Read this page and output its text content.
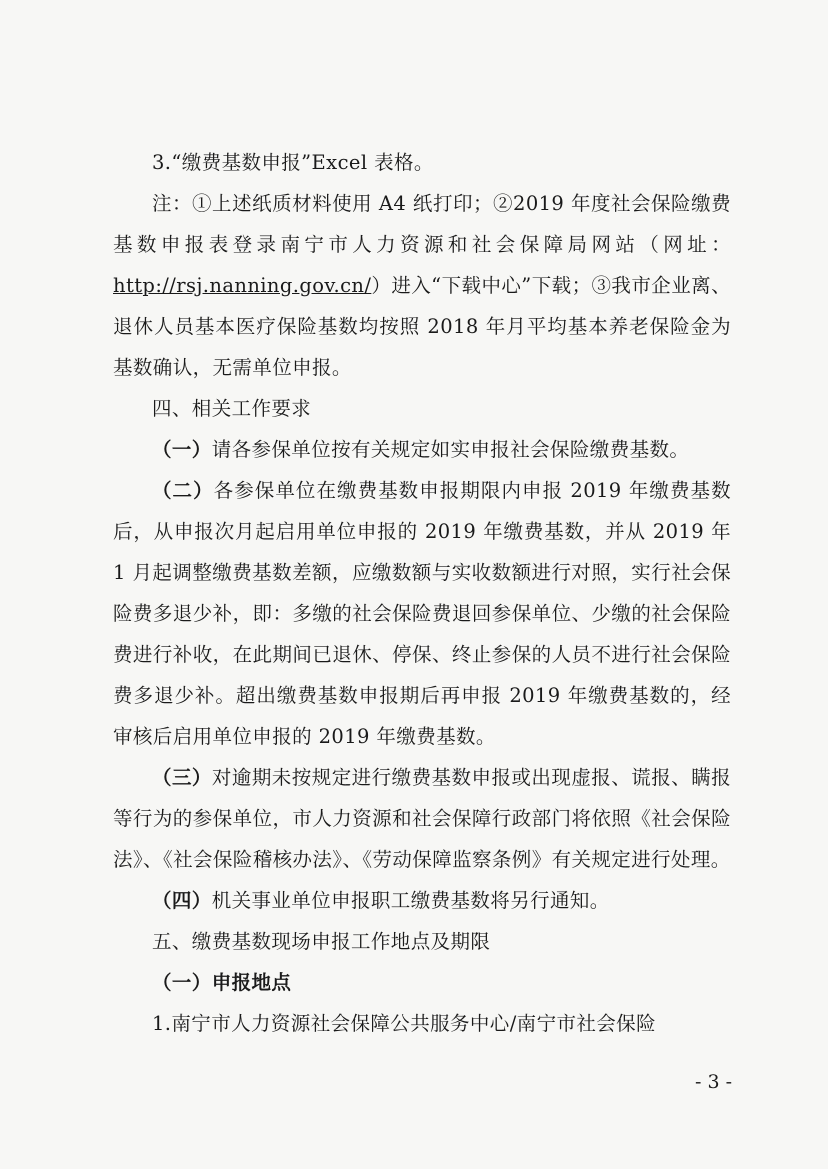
3.“缴费基数申报”Excel 表格。

注：①上述纸质材料使用 A4 纸打印；②2019 年度社会保险缴费基数申报表登录南宁市人力资源和社会保障局网站（网址：http://rsj.nanning.gov.cn/）进入“下载中心”下载；③我市企业离、退休人员基本医疗保险基数均按照 2018 年月平均基本养老保险金为基数确认，无需单位申报。

四、相关工作要求

（一）请各参保单位按有关规定如实申报社会保险缴费基数。

（二）各参保单位在缴费基数申报期限内申报 2019 年缴费基数后，从申报次月起启用单位申报的 2019 年缴费基数，并从 2019 年 1 月起调整缴费基数差额，应缴数额与实收数额进行对照，实行社会保险费多退少补，即：多缴的社会保险费退回参保单位、少缴的社会保险费进行补收，在此期间已退休、停保、终止参保的人员不进行社会保险费多退少补。超出缴费基数申报期后再申报 2019 年缴费基数的，经审核后启用单位申报的 2019 年缴费基数。

（三）对逾期未按规定进行缴费基数申报或出现虚报、谎报、瞒报等行为的参保单位，市人力资源和社会保障行政部门将依照《社会保险法》、《社会保险稽核办法》、《劳动保障监察条例》有关规定进行处理。

（四）机关事业单位申报职工缴费基数将另行通知。

五、缴费基数现场申报工作地点及期限

（一）申报地点

1.南宁市人力资源社会保障公共服务中心/南宁市社会保险

- 3 -
